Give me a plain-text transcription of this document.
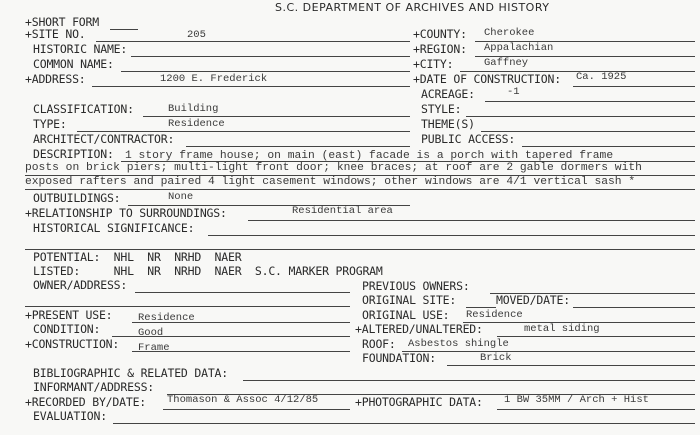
S.C. DEPARTMENT OF ARCHIVES AND HISTORY
+SHORT FORM
+SITE NO.	205	+COUNTY: Cherokee
HISTORIC NAME:	+REGION: Appalachian
COMMON NAME:	+CITY:	Gaffney
+ADDRESS:	1200 E. Frederick	+DATE OF CONSTRUCTION: Ca. 1925
ACREAGE:	-1
CLASSIFICATION:	Building	STYLE:
TYPE:	Residence	THEME(S)
ARCHITECT/CONTRACTOR:	PUBLIC ACCESS:
DESCRIPTION: 1 story frame house; on main (east) facade is a porch with tapered frame
posts on brick piers; multi-light front door; knee braces; at roof are 2 gable dormers with
exposed rafters and paired 4 light casement windows; other windows are 4/1 vertical sash *
OUTBUILDINGS:	None
+RELATIONSHIP TO SURROUNDINGS:	Residential area
HISTORICAL SIGNIFICANCE:
POTENTIAL:  NHL  NR  NRHD  NAER
LISTED:     NHL  NR  NRHD  NAER  S.C. MARKER PROGRAM
OWNER/ADDRESS:	PREVIOUS OWNERS:
ORIGINAL SITE:	MOVED/DATE:
+PRESENT USE: Residence	ORIGINAL USE: Residence
CONDITION:	Good	+ALTERED/UNALTERED:	metal siding
+CONSTRUCTION: Frame	ROOF: Asbestos shingle
FOUNDATION:	Brick
BIBLIOGRAPHIC & RELATED DATA:
INFORMANT/ADDRESS:
+RECORDED BY/DATE: Thomason & Assoc 4/12/85	+PHOTOGRAPHIC DATA: 1 BW 35MM / Arch + Hist
EVALUATION:
